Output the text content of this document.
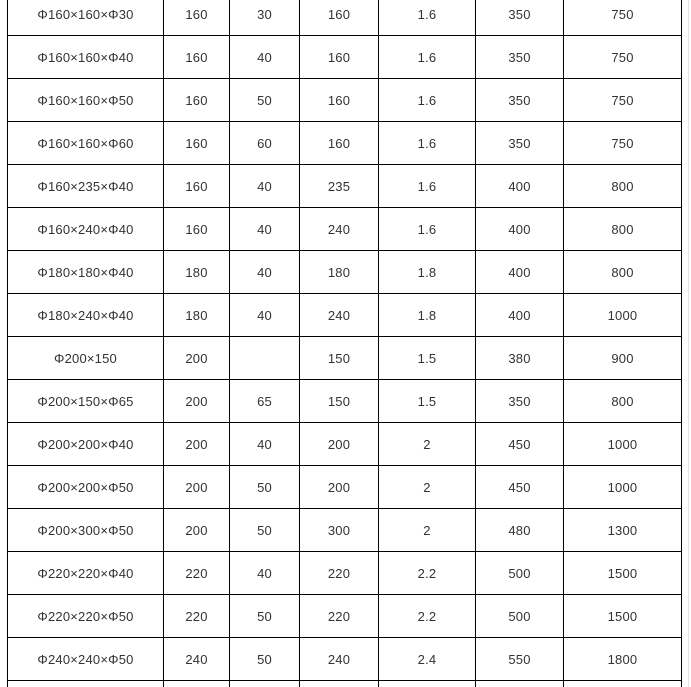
Φ160×160×Φ30	160	30	160	1.6	350	750
Φ160×160×Φ40	160	40	160	1.6	350	750
Φ160×160×Φ50	160	50	160	1.6	350	750
Φ160×160×Φ60	160	60	160	1.6	350	750
Φ160×235×Φ40	160	40	235	1.6	400	800
Φ160×240×Φ40	160	40	240	1.6	400	800
Φ180×180×Φ40	180	40	180	1.8	400	800
Φ180×240×Φ40	180	40	240	1.8	400	1000
Φ200×150	200		150	1.5	380	900
Φ200×150×Φ65	200	65	150	1.5	350	800
Φ200×200×Φ40	200	40	200	2	450	1000
Φ200×200×Φ50	200	50	200	2	450	1000
Φ200×300×Φ50	200	50	300	2	480	1300
Φ220×220×Φ40	220	40	220	2.2	500	1500
Φ220×220×Φ50	220	50	220	2.2	500	1500
Φ240×240×Φ50	240	50	240	2.4	550	1800
